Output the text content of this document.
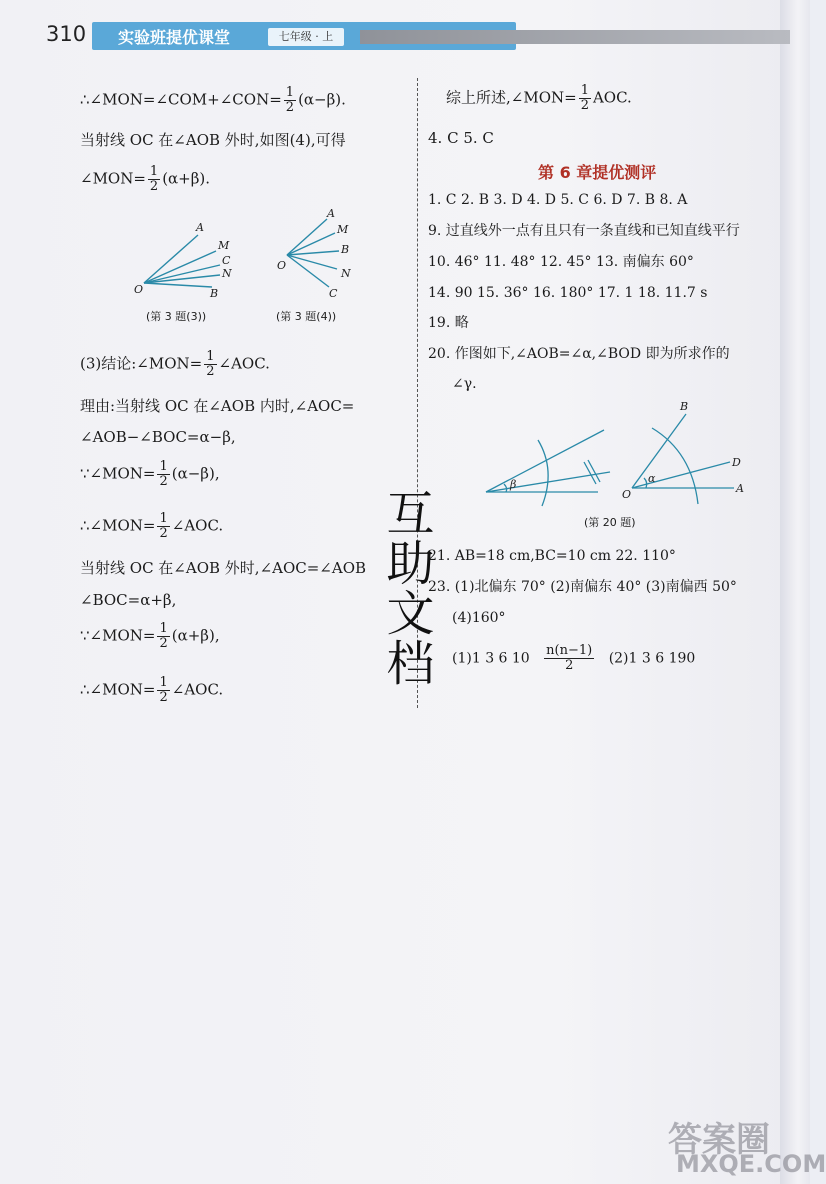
310 实验班提优课堂	七年级 · 上
∴∠MON=∠COM+∠CON= $\frac{1}{2} (\alpha-\beta)$.
当射线 OC 在∠AOB 外时,如图(4),可得
∠MON= $\frac{1}{2} (\alpha+\beta)$.
A
M
C
N
B
O
(第 3 题(3))
A
M
B
N
C
O
(第 3 题(4))
(3)结论:∠MON= $\frac{1}{2}$ ∠AOC.
理由:当射线 OC 在∠AOB 内时,∠AOC=
∠AOB−∠BOC=α−β,
∵∠MON= $\frac{1}{2} (\alpha-\beta)$,
∴∠MON= $\frac{1}{2}$ ∠AOC.
当射线 OC 在∠AOB 外时,∠AOC=∠AOB
∠BOC=α+β,
∵∠MON= $\frac{1}{2} (\alpha+\beta)$,
∴∠MON= $\frac{1}{2}$ ∠AOC.
综上所述,∠MON= $\frac{1}{2}$ AOC.
4. C 5. C
第 6 章提优测评
1. C 2. B 3. D 4. D 5. C 6. D 7. B 8. A
9. 过直线外一点有且只有一条直线和已知直线平行
10. 46° 11. 48° 12. 45° 13. 南偏东 60°
14. 90 15. 36° 16. 180° 17. 1 18. 11.7 s
19. 略
20. 作图如下,∠AOB=∠α,∠BOD 即为所求作的
∠γ.
β
B
D
α
O	A
(第 20 题)
21. AB=18 cm,BC=10 cm 22. 110°
23. (1)北偏东 70° (2)南偏东 40° (3)南偏西 50°
(4)160°
(1)1 3 6 $10 \frac{n(n-1)}{2} (2)1$ 3 6 190
互助文档
答案圈
MXQE.COM
